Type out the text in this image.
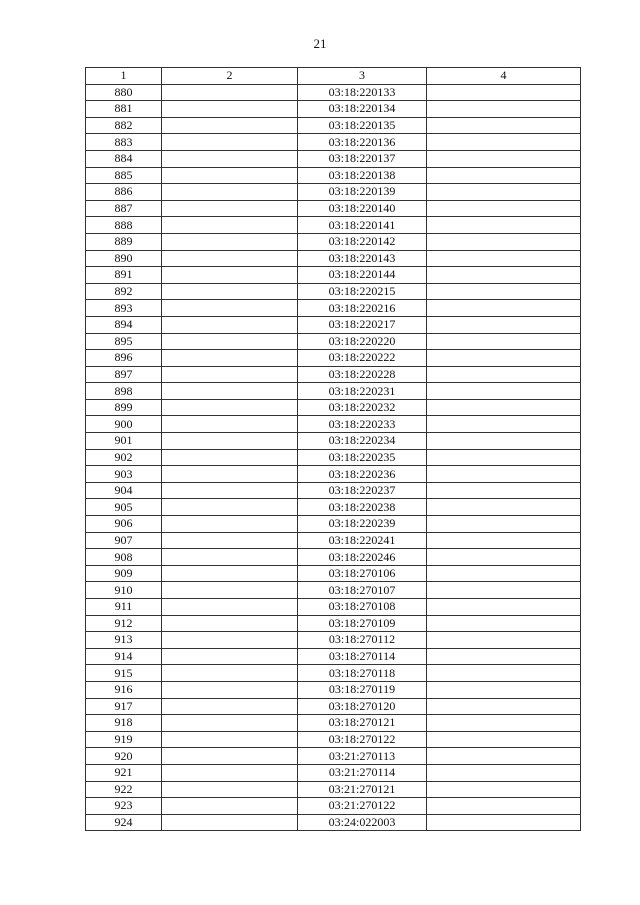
21
1	2	3	4
880		03:18:220133	
881		03:18:220134	
882		03:18:220135	
883		03:18:220136	
884		03:18:220137	
885		03:18:220138	
886		03:18:220139	
887		03:18:220140	
888		03:18:220141	
889		03:18:220142	
890		03:18:220143	
891		03:18:220144	
892		03:18:220215	
893		03:18:220216	
894		03:18:220217	
895		03:18:220220	
896		03:18:220222	
897		03:18:220228	
898		03:18:220231	
899		03:18:220232	
900		03:18:220233	
901		03:18:220234	
902		03:18:220235	
903		03:18:220236	
904		03:18:220237	
905		03:18:220238	
906		03:18:220239	
907		03:18:220241	
908		03:18:220246	
909		03:18:270106	
910		03:18:270107	
911		03:18:270108	
912		03:18:270109	
913		03:18:270112	
914		03:18:270114	
915		03:18:270118	
916		03:18:270119	
917		03:18:270120	
918		03:18:270121	
919		03:18:270122	
920		03:21:270113	
921		03:21:270114	
922		03:21:270121	
923		03:21:270122	
924		03:24:022003	
